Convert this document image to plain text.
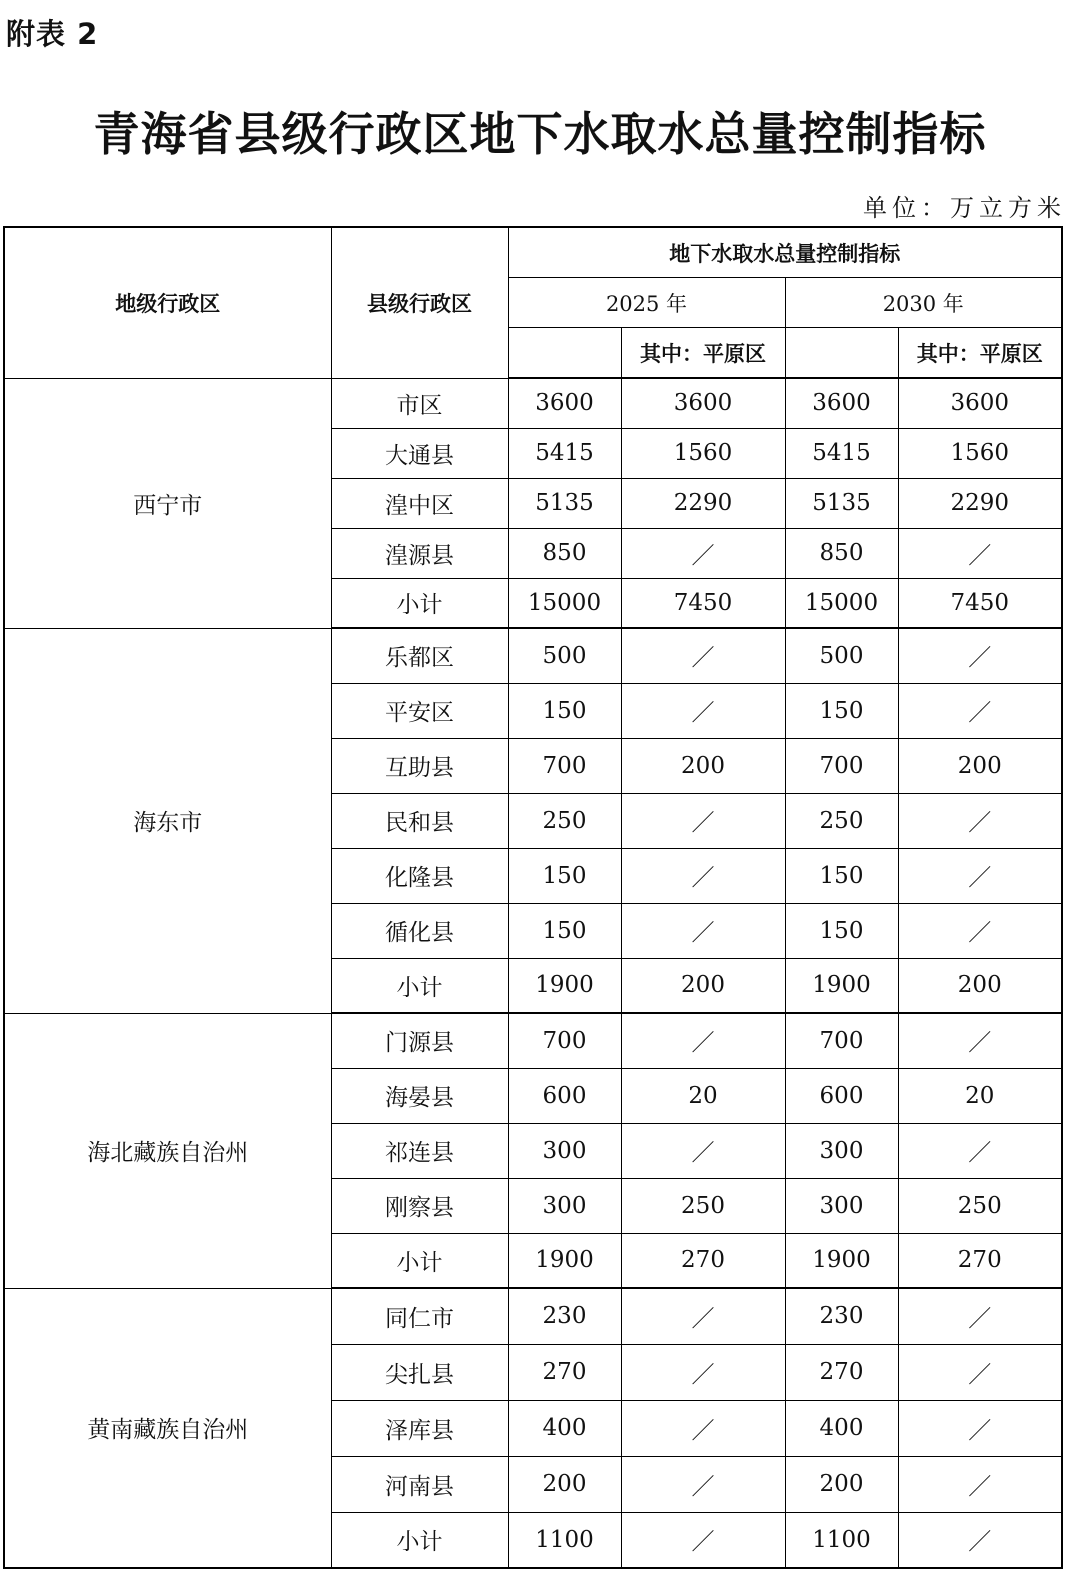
附表 2
青海省县级行政区地下水取水总量控制指标
单位：万立方米
地级行政区	县级行政区	地下水取水总量控制指标			
		2025 年		2030 年	
			其中：平原区		其中：平原区
西宁市	市区	3600	3600	3600	3600
	大通县	5415	1560	5415	1560
	湟中区	5135	2290	5135	2290
	湟源县	850	／	850	／
	小计	15000	7450	15000	7450
海东市	乐都区	500	／	500	／
	平安区	150	／	150	／
	互助县	700	200	700	200
	民和县	250	／	250	／
	化隆县	150	／	150	／
	循化县	150	／	150	／
	小计	1900	200	1900	200
海北藏族自治州	门源县	700	／	700	／
	海晏县	600	20	600	20
	祁连县	300	／	300	／
	刚察县	300	250	300	250
	小计	1900	270	1900	270
黄南藏族自治州	同仁市	230	／	230	／
	尖扎县	270	／	270	／
	泽库县	400	／	400	／
	河南县	200	／	200	／
	小计	1100	／	1100	／
